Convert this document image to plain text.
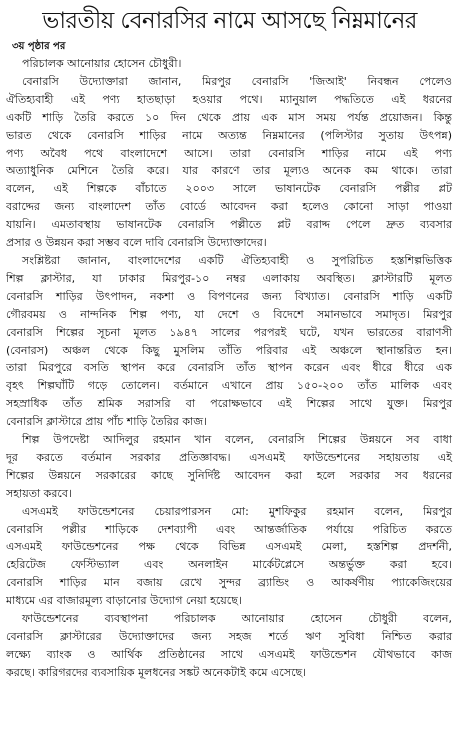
ভারতীয় বেনারসির নামে আসছে নিম্নমানের
৩য় পৃষ্ঠার পর
পরিচালক আনোয়ার হোসেন চৌধুরী।
বেনারসি উদ্যোক্তারা জানান, মিরপুর বেনারসি 'জিআই' নিবন্ধন পেলেও
ঐতিহ্যবাহী এই পণ্য হাতছাড়া হওয়ার পথে। ম্যানুয়াল পদ্ধতিতে এই ধরনের
একটি শাড়ি তৈরি করতে ১০ দিন থেকে প্রায় এক মাস সময় পর্যন্ত প্রয়োজন। কিন্তু
ভারত থেকে বেনারসি শাড়ির নামে অত্যন্ত নিম্নমানের (পলিস্টার সুতায় উৎপন্ন)
পণ্য অবৈধ পথে বাংলাদেশে আসে। তারা বেনারসি শাড়ির নামে এই পণ্য
অত্যাধুনিক মেশিনে তৈরি করে। যার কারণে তার মূল্যও অনেক কম থাকে। তারা
বলেন, এই শিল্পকে বাঁচাতে ২০০৩ সালে ভাষানটেক বেনারসি পল্লীর প্লট
বরাদ্দের জন্য বাংলাদেশ তাঁত বোর্ডে আবেদন করা হলেও কোনো সাড়া পাওয়া
যায়নি। এমতাবস্থায় ভাষানটেক বেনারসি পল্লীতে প্লট বরাদ্দ পেলে দ্রুত ব্যবসার
প্রসার ও উন্নয়ন করা সম্ভব বলে দাবি বেনারসি উদ্যোক্তাদের।
সংশ্লিষ্টরা জানান, বাংলাদেশের একটি ঐতিহ্যবাহী ও সুপরিচিত হস্তশিল্পভিত্তিক
শিল্প ক্লাস্টার, যা ঢাকার মিরপুর-১০ নম্বর এলাকায় অবস্থিত। ক্লাস্টারটি মূলত
বেনারসি শাড়ির উৎপাদন, নকশা ও বিপণনের জন্য বিখ্যাত। বেনারসি শাড়ি একটি
গৌরবময় ও নান্দনিক শিল্প পণ্য, যা দেশে ও বিদেশে সমানভাবে সমাদৃত। মিরপুর
বেনারসি শিল্পের সূচনা মূলত ১৯৪৭ সালের পরপরই ঘটে, যখন ভারতের বারাণসী
(বেনারস) অঞ্চল থেকে কিছু মুসলিম তাঁতি পরিবার এই অঞ্চলে স্থানান্তরিত হন।
তারা মিরপুরে বসতি স্থাপন করে বেনারসি তাঁত স্থাপন করেন এবং ধীরে ধীরে এক
বৃহৎ শিল্পঘাঁটি গড়ে তোলেন। বর্তমানে এখানে প্রায় ১৫০-২০০ তাঁত মালিক এবং
সহস্রাধিক তাঁত শ্রমিক সরাসরি বা পরোক্ষভাবে এই শিল্পের সাথে যুক্ত। মিরপুর
বেনারসি ক্লাস্টারে প্রায় পাঁচ শাড়ি তৈরির কাজ।
শিল্প উপদেষ্টা আদিলুর রহমান খান বলেন, বেনারসি শিল্পের উন্নয়নে সব বাধা
দূর করতে বর্তমান সরকার প্রতিজ্ঞাবদ্ধ। এসএমই ফাউন্ডেশনের সহায়তায় এই
শিল্পের উন্নয়নে সরকারের কাছে সুনির্দিষ্ট আবেদন করা হলে সরকার সব ধরনের
সহায়তা করবে।
এসএমই ফাউন্ডেশনের চেয়ারপারসন মো: মুশফিকুর রহমান বলেন, মিরপুর
বেনারসি পল্লীর শাড়িকে দেশব্যাপী এবং আন্তর্জাতিক পর্যায়ে পরিচিত করতে
এসএমই ফাউন্ডেশনের পক্ষ থেকে বিভিন্ন এসএমই মেলা, হস্তশিল্প প্রদর্শনী,
হেরিটেজ ফেস্টিভ্যাল এবং অনলাইন মার্কেটপ্লেসে অন্তর্ভুক্ত করা হবে।
বেনারসি শাড়ির মান বজায় রেখে সুন্দর ব্র্যান্ডিং ও আকর্ষণীয় প্যাকেজিংয়ের
মাধ্যমে এর বাজারমূল্য বাড়ানোর উদ্যোগ নেয়া হয়েছে।
ফাউন্ডেশনের ব্যবস্থাপনা পরিচালক আনোয়ার হোসেন চৌধুরী বলেন,
বেনারসি ক্লাস্টারের উদ্যোক্তাদের জন্য সহজ শর্তে ঋণ সুবিধা নিশ্চিত করার
লক্ষ্যে ব্যাংক ও আর্থিক প্রতিষ্ঠানের সাথে এসএমই ফাউন্ডেশন যৌথভাবে কাজ
করছে। কারিগরদের ব্যবসায়িক মূলধনের সঙ্কট অনেকটাই কমে এসেছে।
